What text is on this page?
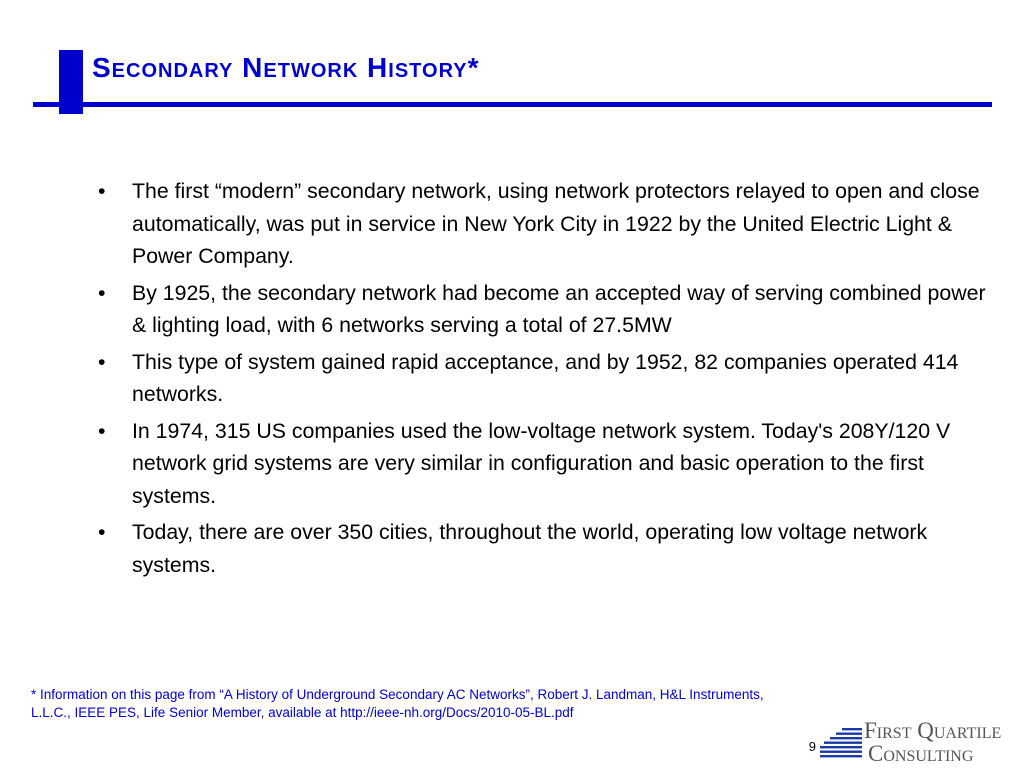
Secondary Network History*
•	The first “modern” secondary network, using network protectors relayed to open and close automatically, was put in service in New York City in 1922 by the United Electric Light & Power Company.
•	By 1925, the secondary network had become an accepted way of serving combined power & lighting load, with 6 networks serving a total of 27.5MW
•	This type of system gained rapid acceptance, and by 1952, 82 companies operated 414 networks.
•	In 1974, 315 US companies used the low-voltage network system. Today's 208Y/120 V network grid systems are very similar in configuration and basic operation to the first systems.
•	Today, there are over 350 cities, throughout the world, operating low voltage network systems.

* Information on this page from “A History of Underground Secondary AC Networks”, Robert J. Landman, H&L Instruments, L.L.C., IEEE PES, Life Senior Member, available at http://ieee-nh.org/Docs/2010-05-BL.pdf

9
First Quartile
Consulting
